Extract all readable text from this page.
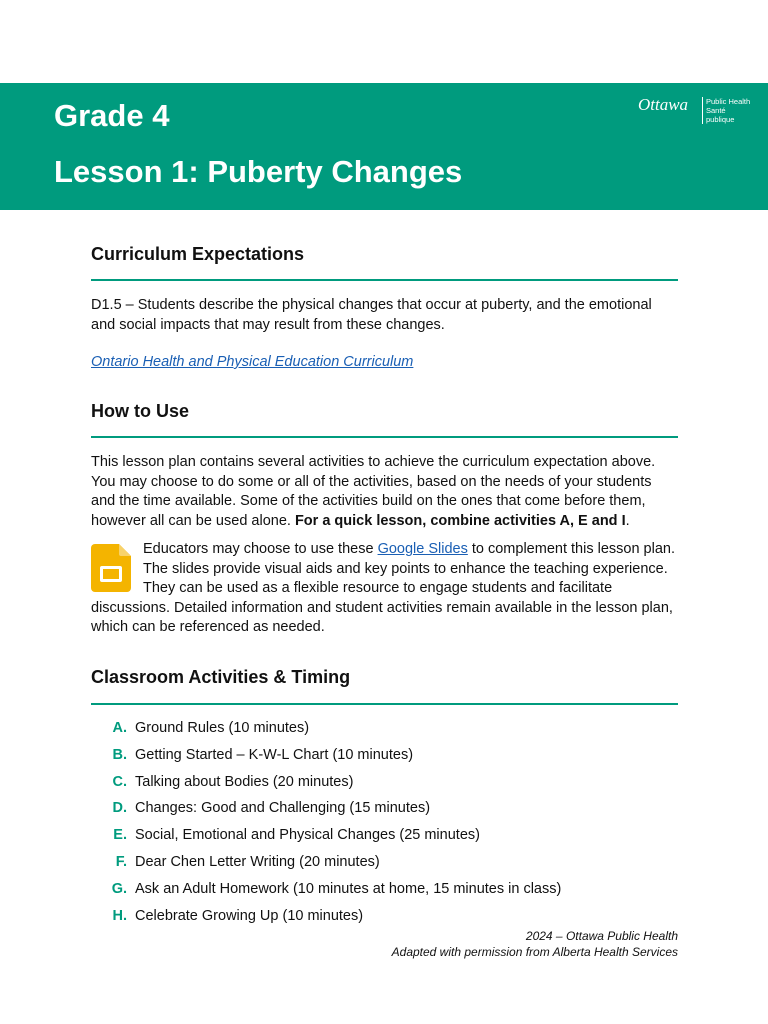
Grade 4
Lesson 1: Puberty Changes
Ottawa Public Health
Santé publique
Curriculum Expectations

D1.5 – Students describe the physical changes that occur at puberty, and the emotional and social impacts that may result from these changes.

Ontario Health and Physical Education Curriculum

How to Use

This lesson plan contains several activities to achieve the curriculum expectation above. You may choose to do some or all of the activities, based on the needs of your students and the time available. Some of the activities build on the ones that come before them, however all can be used alone. For a quick lesson, combine activities A, E and I.

Educators may choose to use these Google Slides to complement this lesson plan. The slides provide visual aids and key points to enhance the teaching experience. They can be used as a flexible resource to engage students and facilitate discussions. Detailed information and student activities remain available in the lesson plan, which can be referenced as needed.

Classroom Activities & Timing
A. Ground Rules (10 minutes)
B. Getting Started – K-W-L Chart (10 minutes)
C. Talking about Bodies (20 minutes)
D. Changes: Good and Challenging (15 minutes)
E. Social, Emotional and Physical Changes (25 minutes)
F. Dear Chen Letter Writing (20 minutes)
G. Ask an Adult Homework (10 minutes at home, 15 minutes in class)
H. Celebrate Growing Up (10 minutes)
2024 – Ottawa Public Health
Adapted with permission from Alberta Health Services
